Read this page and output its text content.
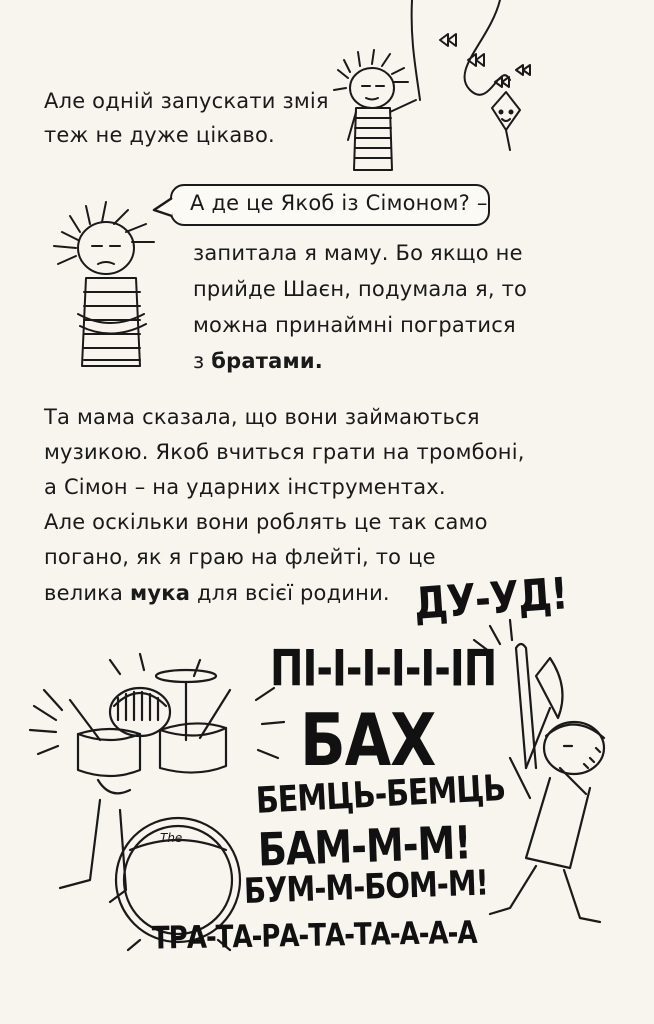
Але одній запускати змія
теж не дуже цікаво.
А де це Якоб із Сімоном? –
запитала я маму. Бо якщо не
прийде Шаєн, подумала я, то
можна принаймні погратися
з братами.
Та мама сказала, що вони займаються
музикою. Якоб вчиться грати на тромбоні,
а Сімон – на ударних інструментах.
Але оскільки вони роблять це так само
погано, як я граю на флейті, то це
велика мука для всієї родини.
The
ДУ-УД!
ПІ-І-І-І-І-ІП
БАХ
БЕМЦЬ-БЕМЦЬ
БАМ-М-М!
БУМ-М-БОМ-М!
ТРА-ТА-РА-ТА-ТА-А-А-А
